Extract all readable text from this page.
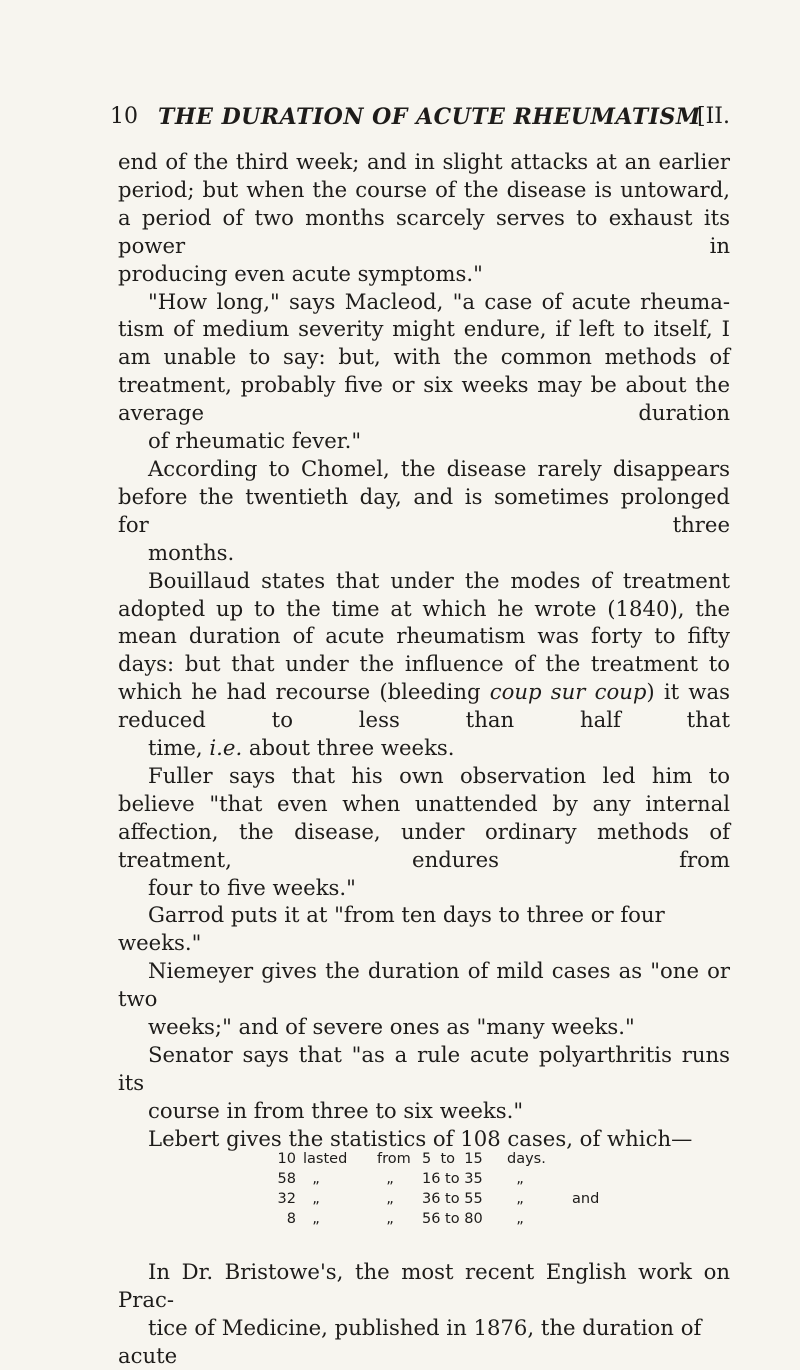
10 THE DURATION OF ACUTE RHEUMATISM
[II.

end of the third week; and in slight attacks at an earlier period; but when the course of the disease is untoward, a period of two months scarcely serves to exhaust its power in
producing even acute symptoms."

"How long," says Macleod, "a case of acute rheuma-tism of medium severity might endure, if left to itself, I am unable to say: but, with the common methods of treatment, probably five or six weeks may be about the average duration
of rheumatic fever."

According to Chomel, the disease rarely disappears before the twentieth day, and is sometimes prolonged for three
months.

Bouillaud states that under the modes of treatment adopted up to the time at which he wrote (1840), the mean duration of acute rheumatism was forty to fifty days: but that under the influence of the treatment to which he had recourse (bleeding coup sur coup) it was reduced to less than half that
time, i.e. about three weeks.

Fuller says that his own observation led him to believe "that even when unattended by any internal affection, the disease, under ordinary methods of treatment, endures from
four to five weeks."

Garrod puts it at "from ten days to three or four weeks."

Niemeyer gives the duration of mild cases as "one or two
weeks;" and of severe ones as "many weeks."

Senator says that "as a rule acute polyarthritis runs its
course in from three to six weeks."

Lebert gives the statistics of 108 cases, of which—

10 lasted from 5  to  15 days.
58 „	„ 16 to 35 „
32 „	„ 36 to 55 „	and
8 „	„ 56 to 80 „

In Dr. Bristowe's, the most recent English work on Prac-
tice of Medicine, published in 1876, the duration of acute
